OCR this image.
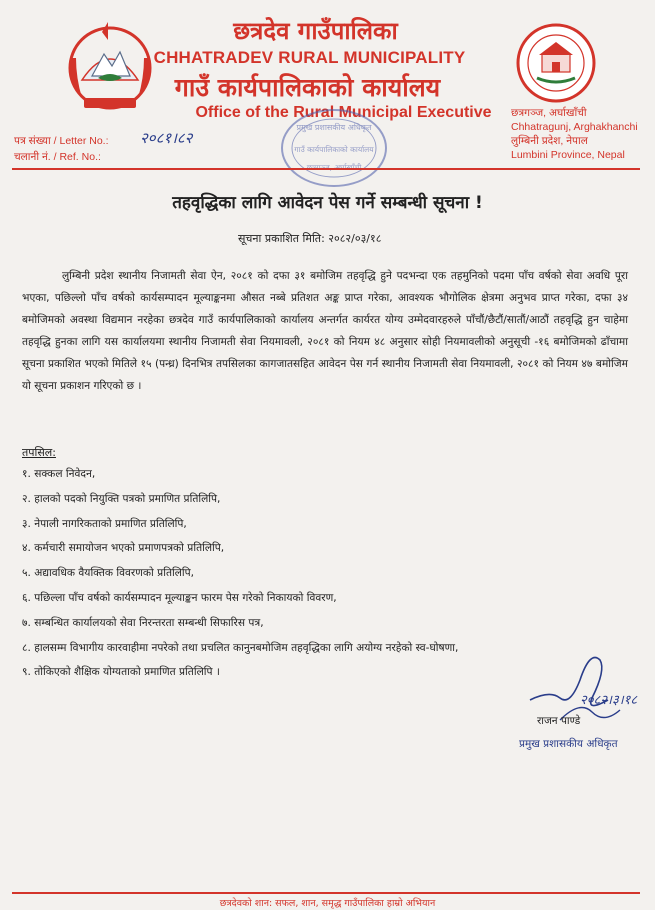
छत्रदेव गाउँपालिका
CHHATRADEV RURAL MUNICIPALITY
गाउँ कार्यपालिकाको कार्यालय
Office of the Rural Municipal Executive	छत्रगञ्ज, अर्घाखाँची
Chhatragunj, Arghakhanchi
लुम्बिनी प्रदेश, नेपाल
Lumbini Province, Nepal
पत्र संख्या / Letter No.: २०८१।८२
चलानी नं. / Ref. No.:
प्रमुख प्रशासकीय अधिकृत
गाउँ कार्यपालिकाको कार्यालय
तहवृद्धिका लागि आवेदन पेस गर्ने सम्बन्धी सूचना !
सूचना प्रकाशित मिति: २०८२/०३/१८

लुम्बिनी प्रदेश स्थानीय निजामती सेवा ऐन, २०८१ को दफा ३१ बमोजिम तहवृद्धि हुने पदभन्दा एक तहमुनिको पदमा पाँच वर्षको सेवा अवधि पूरा भएका, पछिल्लो पाँच वर्षको कार्यसम्पादन मूल्याङ्कनमा औसत नब्बे प्रतिशत अङ्क प्राप्त गरेका, आवश्यक भौगोलिक क्षेत्रमा अनुभव प्राप्त गरेका, दफा ३४ बमोजिमको अवस्था विद्यमान नरहेका छत्रदेव गाउँ कार्यपालिकाको कार्यालय अन्तर्गत कार्यरत योग्य उम्मेदवारहरुले पाँचौं/छैटौं/सातौं/आठौं तहवृद्धि हुन चाहेमा तहवृद्धि हुनका लागि यस कार्यालयमा स्थानीय निजामती सेवा नियमावली, २०८१ को नियम ४८ अनुसार सोही नियमावलीको अनुसूची -१६ बमोजिमको ढाँचामा सूचना प्रकाशित भएको मितिले १५ (पन्ध्र) दिनभित्र तपसिलका कागजातसहित आवेदन पेस गर्न स्थानीय निजामती सेवा नियमावली, २०८१ को नियम ४७ बमोजिम यो सूचना प्रकाशन गरिएको छ ।

तपसिल:
१. सक्कल निवेदन,
२. हालको पदको नियुक्ति पत्रको प्रमाणित प्रतिलिपि,
३. नेपाली नागरिकताको प्रमाणित प्रतिलिपि,
४. कर्मचारी समायोजन भएको प्रमाणपत्रको प्रतिलिपि,
५. अद्यावधिक वैयक्तिक विवरणको प्रतिलिपि,
६. पछिल्ला पाँच वर्षको कार्यसम्पादन मूल्याङ्कन फारम पेस गरेको निकायको विवरण,
७. सम्बन्धित कार्यालयको सेवा निरन्तरता सम्बन्धी सिफारिस पत्र,
८. हालसम्म विभागीय कारवाहीमा नपरेको तथा प्रचलित कानुनबमोजिम तहवृद्धिका लागि अयोग्य नरहेको स्व-घोषणा,
९. तोकिएको शैक्षिक योग्यताको प्रमाणित प्रतिलिपि ।
२०८२।३।१८
राजन पाण्डे
प्रमुख प्रशासकीय अधिकृत
छत्रदेवको शान: सफल, शान, समृद्ध गाउँपालिका हाम्रो अभियान
